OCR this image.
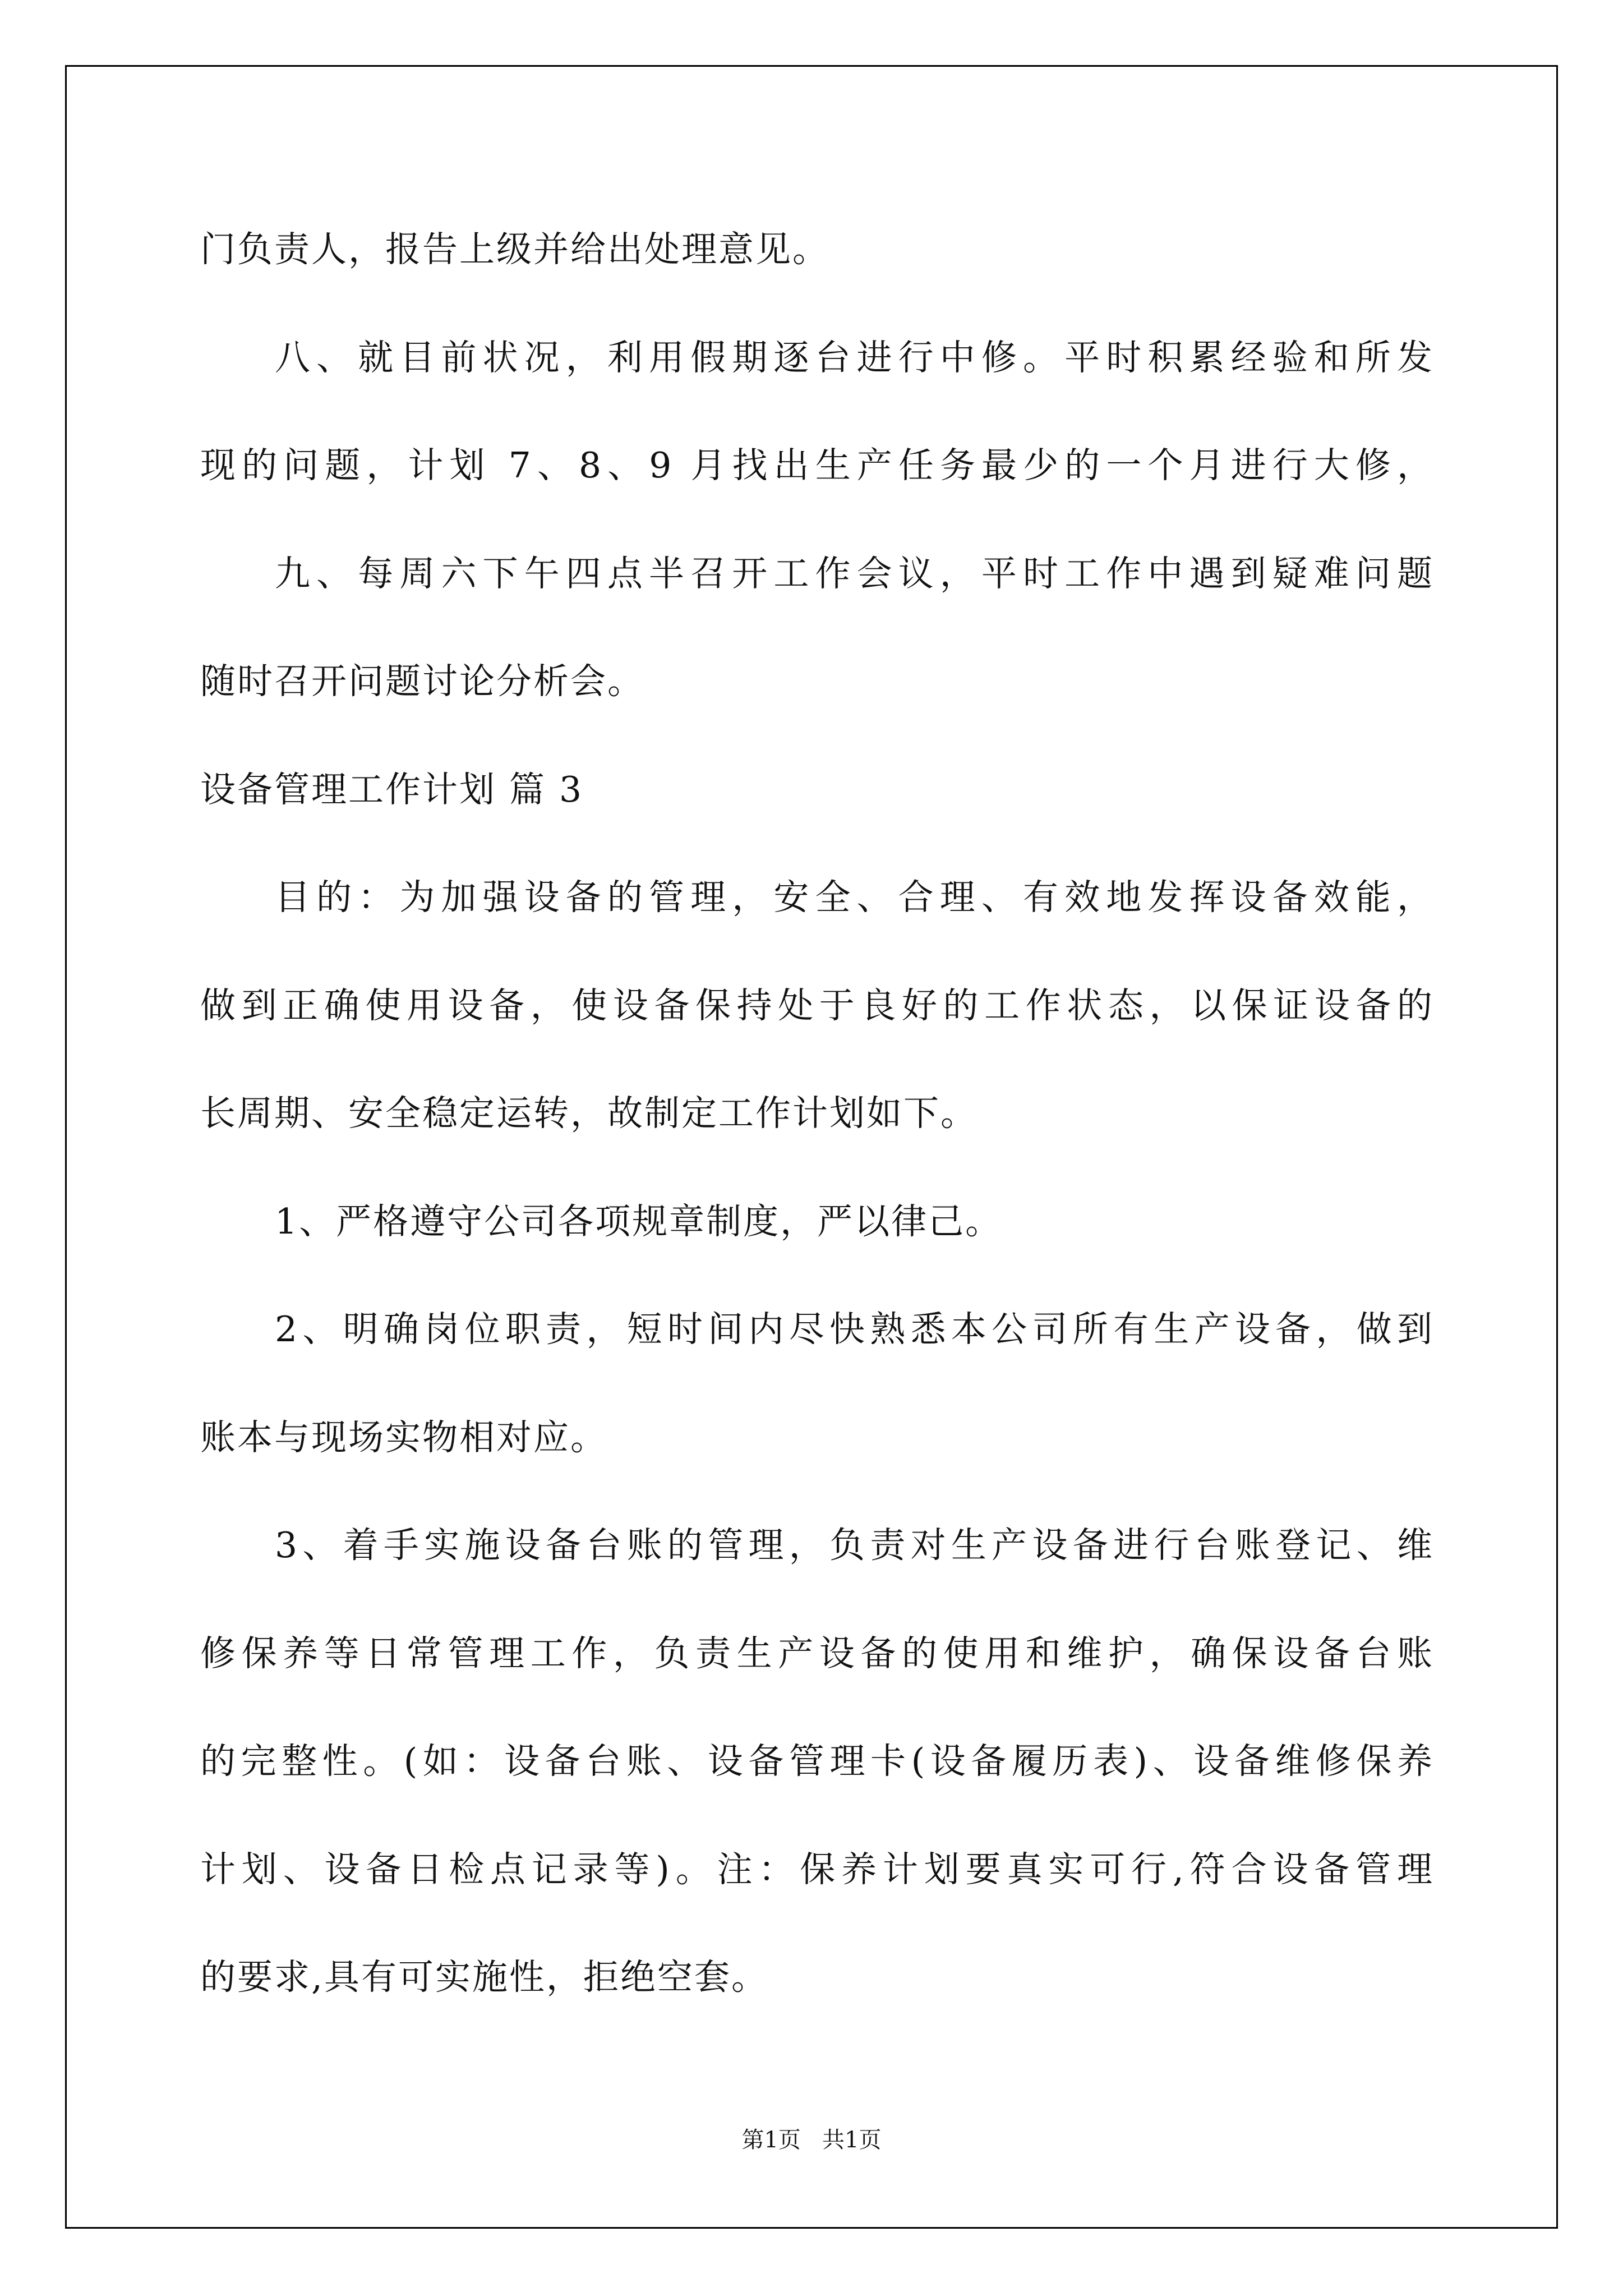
门负责人，报告上级并给出处理意见。
八、就目前状况，利用假期逐台进行中修。平时积累经验和所发
现的问题，计划 7、8、9 月找出生产任务最少的一个月进行大修，
九、每周六下午四点半召开工作会议，平时工作中遇到疑难问题
随时召开问题讨论分析会。
设备管理工作计划 篇 3
目的：为加强设备的管理，安全、合理、有效地发挥设备效能，
做到正确使用设备，使设备保持处于良好的工作状态，以保证设备的
长周期、安全稳定运转，故制定工作计划如下。
1、严格遵守公司各项规章制度，严以律己。
2、明确岗位职责，短时间内尽快熟悉本公司所有生产设备，做到
账本与现场实物相对应。
3、着手实施设备台账的管理，负责对生产设备进行台账登记、维
修保养等日常管理工作，负责生产设备的使用和维护，确保设备台账
的完整性。(如：设备台账、设备管理卡(设备履历表)、设备维修保养
计划、设备日检点记录等)。注：保养计划要真实可行,符合设备管理
的要求,具有可实施性，拒绝空套。
第1页   共1页
